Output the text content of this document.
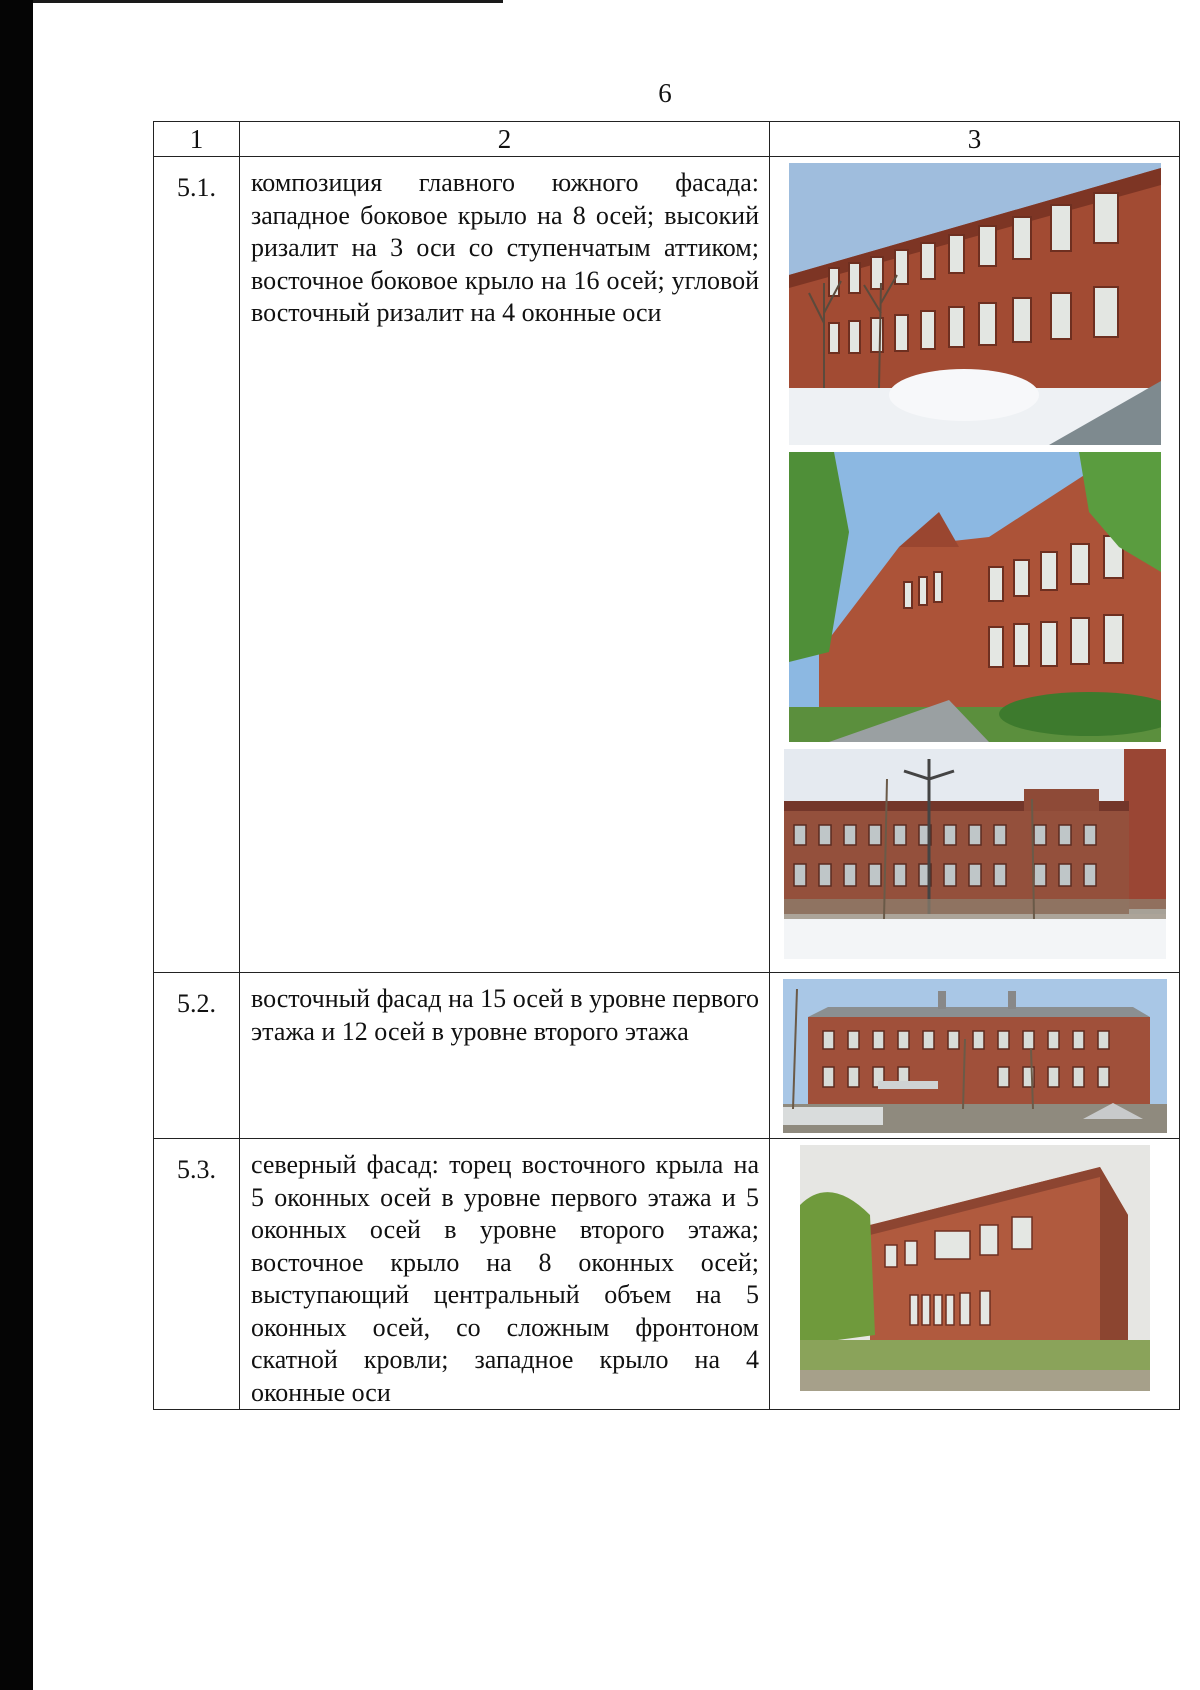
6
1	2	3
5.1.	композиция главного южного фасада: западное боковое крыло на 8 осей; высокий ризалит на 3 оси со ступенчатым аттиком; восточное боковое крыло на 16 осей; угловой восточный ризалит на 4 оконные оси

5.2.	восточный фасад на 15 осей в уровне первого этажа и 12 осей в уровне второго этажа

5.3.	северный фасад: торец восточного крыла на 5 оконных осей в уровне первого этажа и 5 оконных осей в уровне второго этажа; восточное крыло на 8 оконных осей; выступающий центральный объем на 5 оконных осей, со сложным фронтоном скатной кровли; западное крыло на 4 оконные оси
